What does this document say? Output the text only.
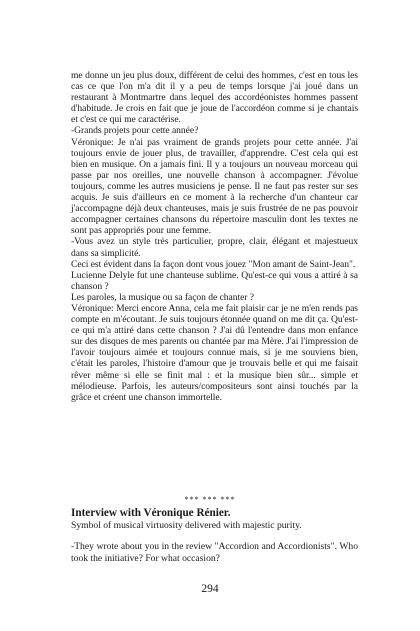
me donne un jeu plus doux, différent de celui des hommes, c'est en tous les cas ce que l'on m'a dit il y a peu de temps lorsque j'ai joué dans un restaurant à Montmartre dans lequel des accordéonistes hommes passent d'habitude. Je crois en fait que je joue de l'accordéon comme si je chantais et c'est ce qui me caractérise.

-Grands projets pour cette année?

Véronique: Je n'ai pas vraiment de grands projets pour cette année. J'ai toujours envie de jouer plus, de travailler, d'apprendre. C'est cela qui est bien en musique. On a jamais fini. Il y a toujours un nouveau morceau qui passe par nos oreilles, une nouvelle chanson à accompagner. J'évolue toujours, comme les autres musiciens je pense. Il ne faut pas rester sur ses acquis. Je suis d'ailleurs en ce moment à la recherche d'un chanteur car j'accompagne déjà deux chanteuses, mais je suis frustrée de ne pas pouvoir accompagner certaines chansons du répertoire masculin dont les textes ne sont pas appropriés pour une femme.

-Vous avez un style très particulier, propre, clair, élégant et majestueux dans sa simplicité.

Ceci est évident dans la façon dont vous jouez "Mon amant de Saint-Jean".

Lucienne Delyle fut une chanteuse sublime. Qu'est-ce qui vous a attiré à sa chanson ?

Les paroles, la musique ou sa façon de chanter ?

Véronique: Merci encore Anna, cela me fait plaisir car je ne m'en rends pas compte en m'écoutant. Je suis toujours étonnée quand on me dit ça. Qu'est-ce qui m'a attiré dans cette chanson ? J'ai dû l'entendre dans mon enfance sur des disques de mes parents ou chantée par ma Mère. J'ai l'impression de l'avoir toujours aimée et toujours connue mais, si je me souviens bien, c'était les paroles, l'histoire d'amour que je trouvais belle et qui me faisait rêver même si elle se finit mal : et la musique bien sûr... simple et mélodieuse. Parfois, les auteurs/compositeurs sont ainsi touchés par la grâce et créent une chanson immortelle.

*** *** ***
Interview with Véronique Rénier.
Symbol of musical virtuosity delivered with majestic purity.
-They wrote about you in the review "Accordion and Accordionists". Who took the initiative? For what occasion?
294
